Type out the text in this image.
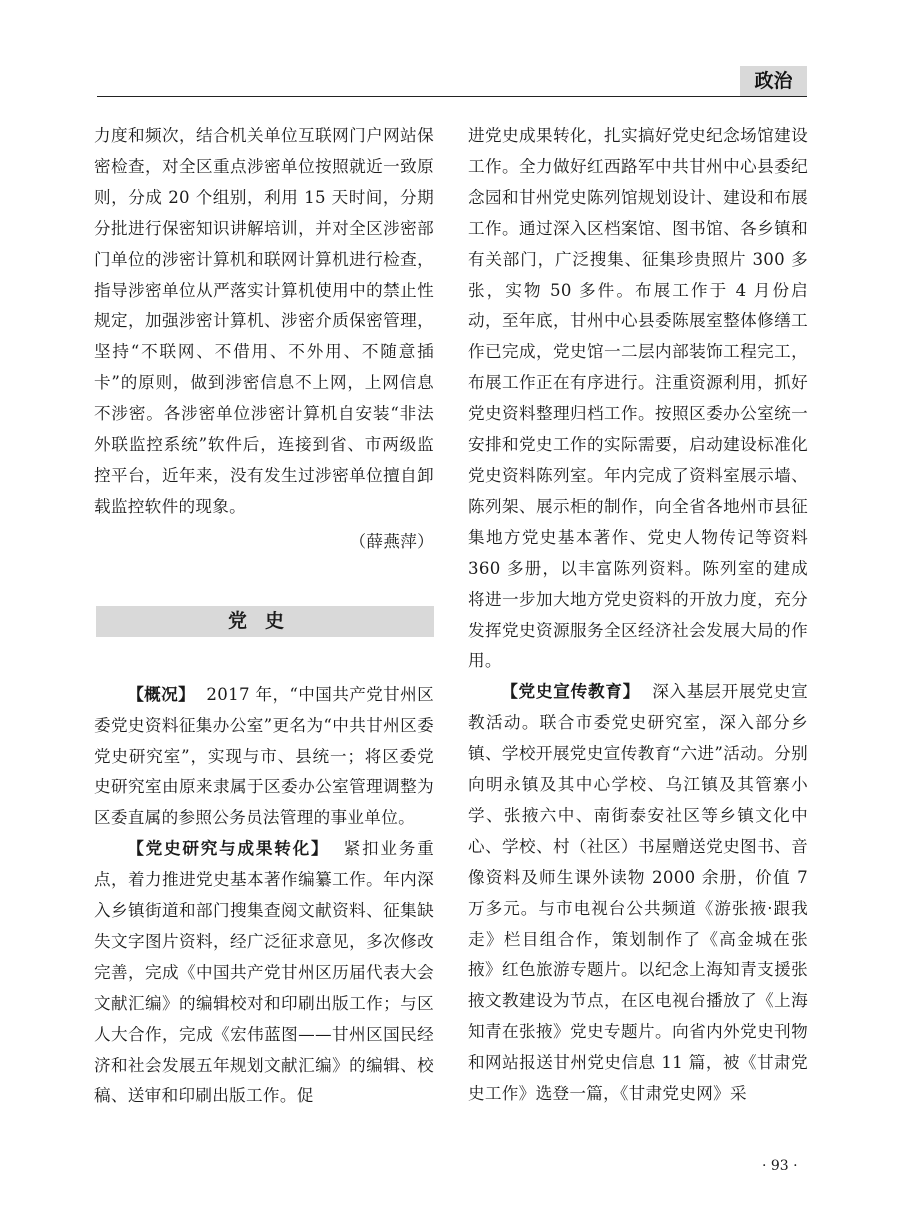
政治

力度和频次，结合机关单位互联网门户网站保密检查，对全区重点涉密单位按照就近一致原则，分成 20 个组别，利用 15 天时间，分期分批进行保密知识讲解培训，并对全区涉密部门单位的涉密计算机和联网计算机进行检查，指导涉密单位从严落实计算机使用中的禁止性规定，加强涉密计算机、涉密介质保密管理，坚持“不联网、不借用、不外用、不随意插卡”的原则，做到涉密信息不上网，上网信息不涉密。各涉密单位涉密计算机自安装“非法外联监控系统”软件后，连接到省、市两级监控平台，近年来，没有发生过涉密单位擅自卸载监控软件的现象。

（薛燕萍）

党史

【概况】 2017 年，“中国共产党甘州区委党史资料征集办公室”更名为“中共甘州区委党史研究室”，实现与市、县统一；将区委党史研究室由原来隶属于区委办公室管理调整为区委直属的参照公务员法管理的事业单位。

【党史研究与成果转化】 紧扣业务重点，着力推进党史基本著作编纂工作。年内深入乡镇街道和部门搜集查阅文献资料、征集缺失文字图片资料，经广泛征求意见，多次修改完善，完成《中国共产党甘州区历届代表大会文献汇编》的编辑校对和印刷出版工作；与区人大合作，完成《宏伟蓝图——甘州区国民经济和社会发展五年规划文献汇编》的编辑、校稿、送审和印刷出版工作。促

进党史成果转化，扎实搞好党史纪念场馆建设工作。全力做好红西路军中共甘州中心县委纪念园和甘州党史陈列馆规划设计、建设和布展工作。通过深入区档案馆、图书馆、各乡镇和有关部门，广泛搜集、征集珍贵照片 300 多张，实物 50 多件。布展工作于 4 月份启动，至年底，甘州中心县委陈展室整体修缮工作已完成，党史馆一二层内部装饰工程完工，布展工作正在有序进行。注重资源利用，抓好党史资料整理归档工作。按照区委办公室统一安排和党史工作的实际需要，启动建设标准化党史资料陈列室。年内完成了资料室展示墙、陈列架、展示柜的制作，向全省各地州市县征集地方党史基本著作、党史人物传记等资料 360 多册，以丰富陈列资料。陈列室的建成将进一步加大地方党史资料的开放力度，充分发挥党史资源服务全区经济社会发展大局的作用。

【党史宣传教育】 深入基层开展党史宣教活动。联合市委党史研究室，深入部分乡镇、学校开展党史宣传教育“六进”活动。分别向明永镇及其中心学校、乌江镇及其管寨小学、张掖六中、南街泰安社区等乡镇文化中心、学校、村（社区）书屋赠送党史图书、音像资料及师生课外读物 2000 余册，价值 7 万多元。与市电视台公共频道《游张掖·跟我走》栏目组合作，策划制作了《高金城在张掖》红色旅游专题片。以纪念上海知青支援张掖文教建设为节点，在区电视台播放了《上海知青在张掖》党史专题片。向省内外党史刊物和网站报送甘州党史信息 11 篇，被《甘肃党史工作》选登一篇，《甘肃党史网》采

· 93 ·
